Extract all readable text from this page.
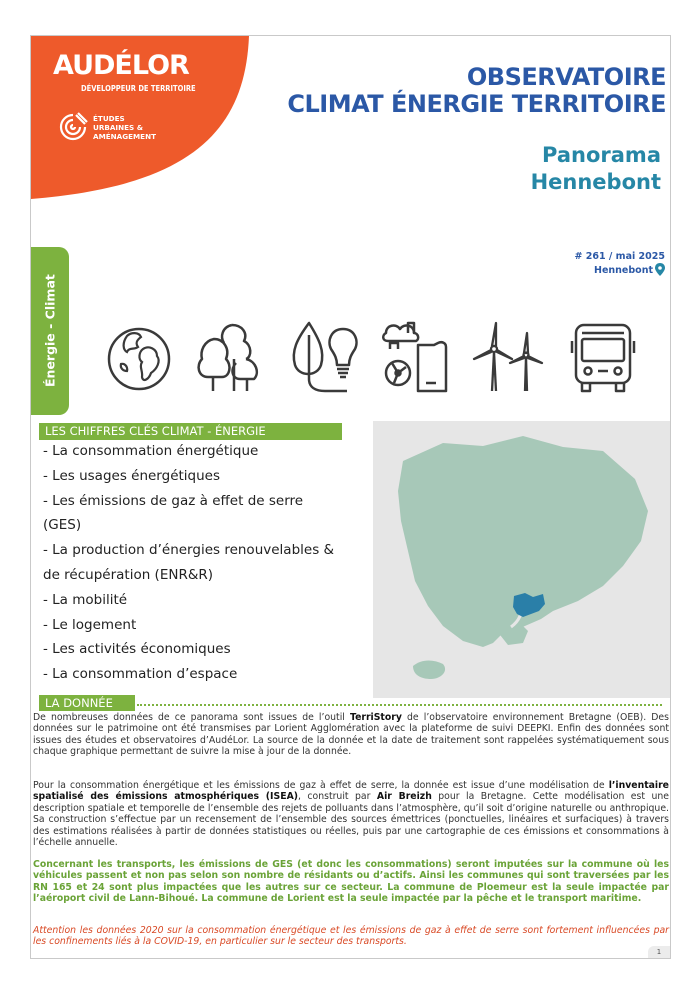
AUDÉLOR
DÉVELOPPEUR DE TERRITOIRE
ÉTUDES
URBAINES &
AMÉNAGEMENT
OBSERVATOIRE
CLIMAT ÉNERGIE TERRITOIRE
Panorama
Hennebont
# 261 / mai 2025
Hennebont
Énergie - Climat
LES CHIFFRES CLÉS CLIMAT - ÉNERGIE
- La consommation énergétique
- Les usages énergétiques
- Les émissions de gaz à effet de serre
(GES)
- La production d’énergies renouvelables &
de récupération (ENR&R)
- La mobilité
- Le logement
- Les activités économiques
- La consommation d’espace
LA DONNÉE

De nombreuses données de ce panorama sont issues de l’outil TerriStory de l’observatoire environnement Bretagne (OEB). Des données sur le patrimoine ont été transmises par Lorient Agglomération avec la plateforme de suivi DEEPKI. Enfin des données sont issues des études et observatoires d’AudéLor. La source de la donnée et la date de traitement sont rappelées systématiquement sous chaque graphique permettant de suivre la mise à jour de la donnée.

Pour la consommation énergétique et les émissions de gaz à effet de serre, la donnée est issue d’une modélisation de l’inventaire spatialisé des émissions atmosphériques (ISEA), construit par Air Breizh pour la Bretagne. Cette modélisation est une description spatiale et temporelle de l’ensemble des rejets de polluants dans l’atmosphère, qu’il soit d’origine naturelle ou anthropique. Sa construction s’effectue par un recensement de l’ensemble des sources émettrices (ponctuelles, linéaires et surfaciques) à travers des estimations réalisées à partir de données statistiques ou réelles, puis par une cartographie de ces émissions et consommations à l’échelle annuelle.

Concernant les transports, les émissions de GES (et donc les consommations) seront imputées sur la commune où les véhicules passent et non pas selon son nombre de résidants ou d’actifs. Ainsi les communes qui sont traversées par les RN 165 et 24 sont plus impactées que les autres sur ce secteur. La commune de Ploemeur est la seule impactée par l’aéroport civil de Lann-Bihoué. La commune de Lorient est la seule impactée par la pêche et le transport maritime.

Attention les données 2020 sur la consommation énergétique et les émissions de gaz à effet de serre sont fortement influencées par les confinements liés à la COVID-19, en particulier sur le secteur des transports.

1
